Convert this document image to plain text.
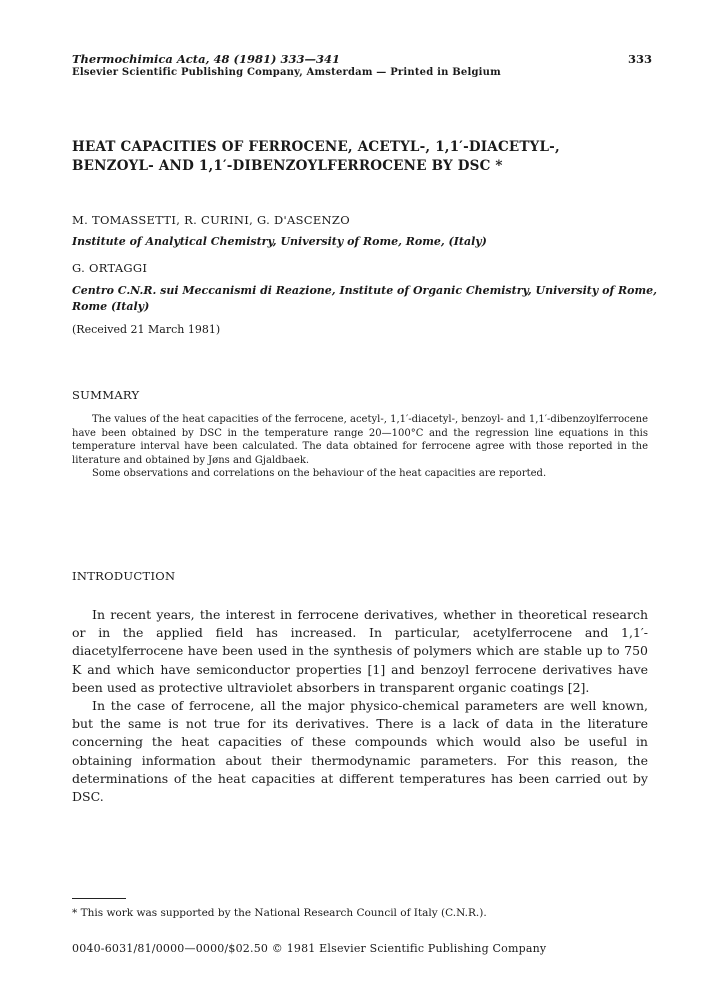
Thermochimica Acta, 48 (1981) 333—341	333
Elsevier Scientific Publishing Company, Amsterdam — Printed in Belgium
HEAT CAPACITIES OF FERROCENE, ACETYL-, 1,1′-DIACETYL-,
BENZOYL- AND 1,1′-DIBENZOYLFERROCENE BY DSC *
M. TOMASSETTI, R. CURINI, G. D'ASCENZO
Institute of Analytical Chemistry, University of Rome, Rome, (Italy)
G. ORTAGGI
Centro C.N.R. sui Meccanismi di Reazione, Institute of Organic Chemistry, University of Rome, Rome (Italy)
(Received 21 March 1981)
SUMMARY

The values of the heat capacities of the ferrocene, acetyl-, 1,1′-diacetyl-, benzoyl- and 1,1′-dibenzoylferrocene have been obtained by DSC in the temperature range 20—100°C and the regression line equations in this temperature interval have been calculated. The data obtained for ferrocene agree with those reported in the literature and obtained by Jøns and Gjaldbaek.

Some observations and correlations on the behaviour of the heat capacities are reported.

INTRODUCTION

In recent years, the interest in ferrocene derivatives, whether in theoretical research or in the applied field has increased. In particular, acetylferrocene and 1,1′-diacetylferrocene have been used in the synthesis of polymers which are stable up to 750 K and which have semiconductor properties [1] and benzoyl ferrocene derivatives have been used as protective ultraviolet absorbers in transparent organic coatings [2].

In the case of ferrocene, all the major physico-chemical parameters are well known, but the same is not true for its derivatives. There is a lack of data in the literature concerning the heat capacities of these compounds which would also be useful in obtaining information about their thermodynamic parameters. For this reason, the determinations of the heat capacities at different temperatures has been carried out by DSC.

* This work was supported by the National Research Council of Italy (C.N.R.).
0040-6031/81/0000—0000/$02.50 © 1981 Elsevier Scientific Publishing Company
